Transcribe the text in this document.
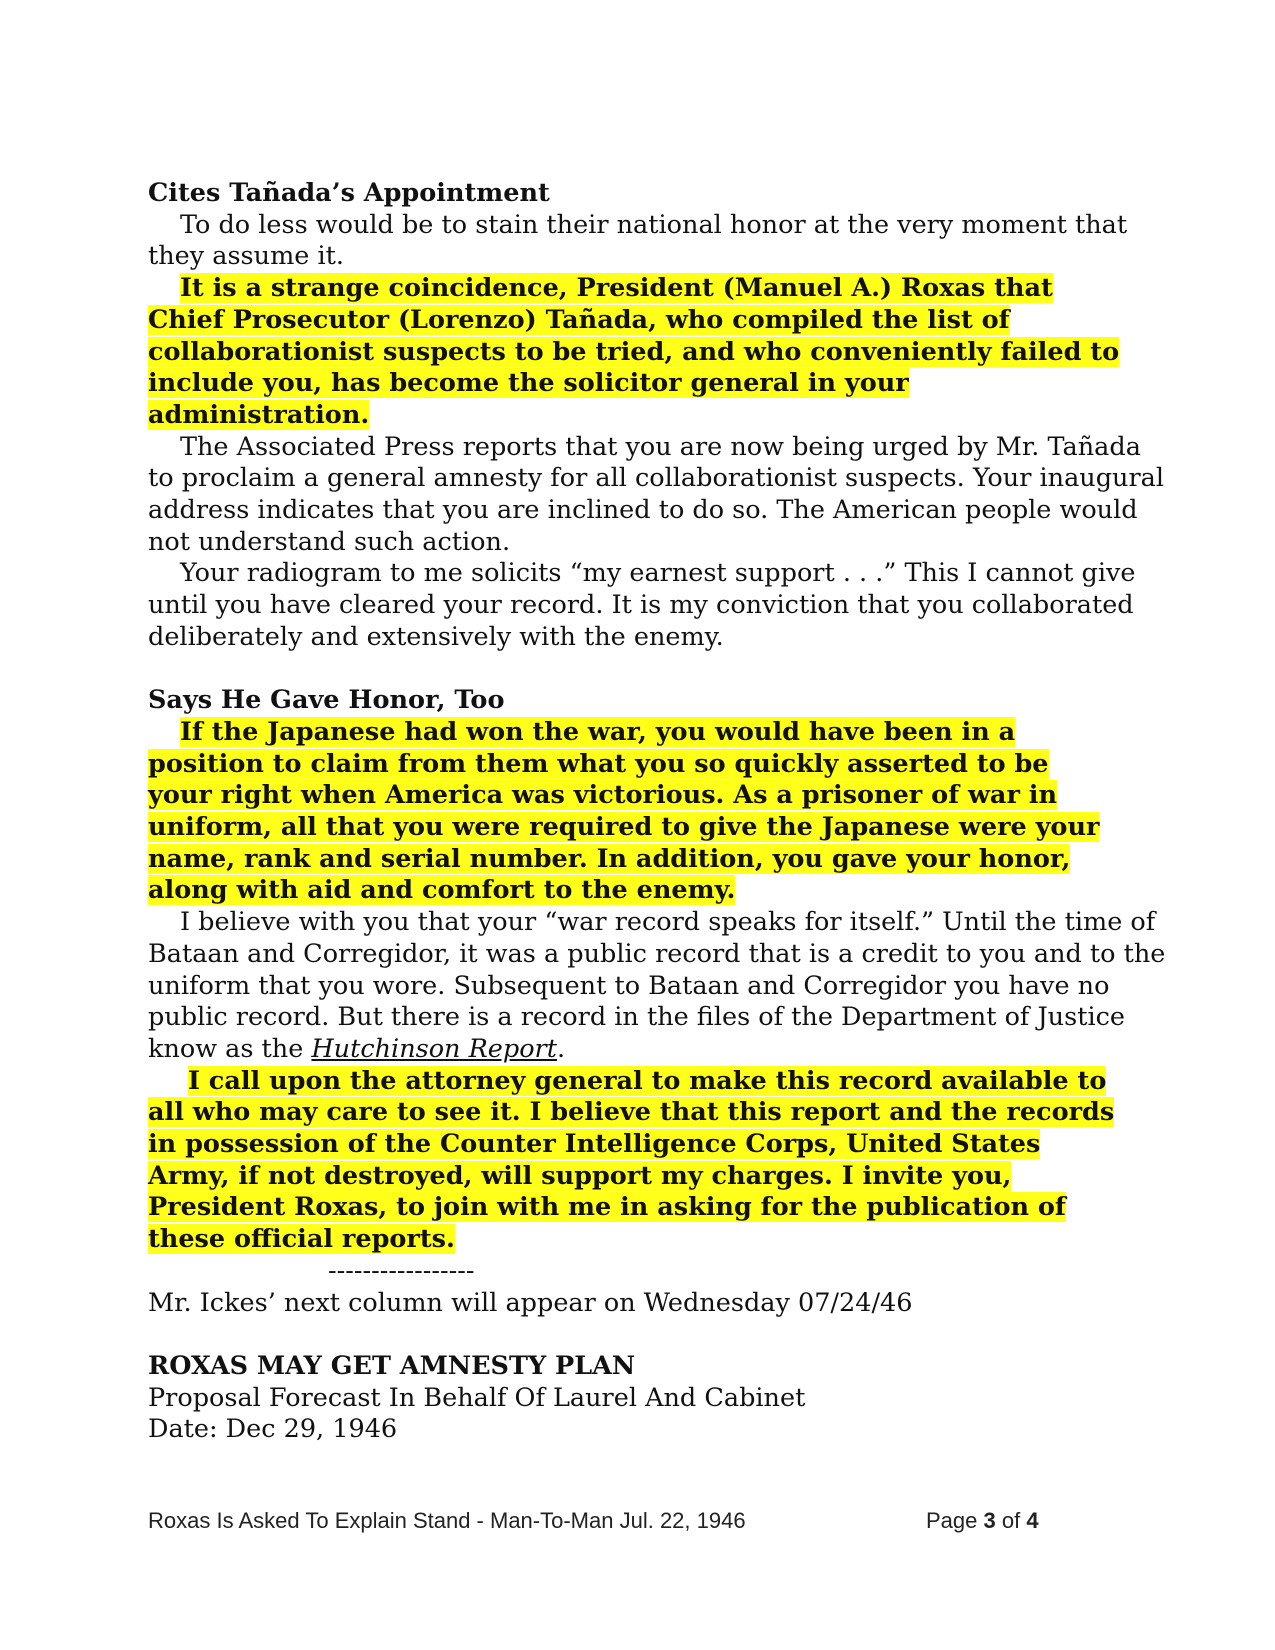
Cites Tañada’s Appointment
To do less would be to stain their national honor at the very moment that
they assume it.
It is a strange coincidence, President (Manuel A.) Roxas that
Chief Prosecutor (Lorenzo) Tañada, who compiled the list of
collaborationist suspects to be tried, and who conveniently failed to
include you, has become the solicitor general in your
administration.
The Associated Press reports that you are now being urged by Mr. Tañada
to proclaim a general amnesty for all collaborationist suspects. Your inaugural
address indicates that you are inclined to do so. The American people would
not understand such action.
Your radiogram to me solicits “my earnest support . . .” This I cannot give
until you have cleared your record. It is my conviction that you collaborated
deliberately and extensively with the enemy.
Says He Gave Honor, Too
If the Japanese had won the war, you would have been in a
position to claim from them what you so quickly asserted to be
your right when America was victorious. As a prisoner of war in
uniform, all that you were required to give the Japanese were your
name, rank and serial number. In addition, you gave your honor,
along with aid and comfort to the enemy.
I believe with you that your “war record speaks for itself.” Until the time of
Bataan and Corregidor, it was a public record that is a credit to you and to the
uniform that you wore. Subsequent to Bataan and Corregidor you have no
public record. But there is a record in the files of the Department of Justice
know as the Hutchinson Report.
I call upon the attorney general to make this record available to
all who may care to see it. I believe that this report and the records
in possession of the Counter Intelligence Corps, United States
Army, if not destroyed, will support my charges. I invite you,
President Roxas, to join with me in asking for the publication of
these official reports.
-----------------
Mr. Ickes’ next column will appear on Wednesday 07/24/46
ROXAS MAY GET AMNESTY PLAN
Proposal Forecast In Behalf Of Laurel And Cabinet
Date: Dec 29, 1946
Roxas Is Asked To Explain Stand - Man-To-Man Jul. 22, 1946	Page 3 of 4
